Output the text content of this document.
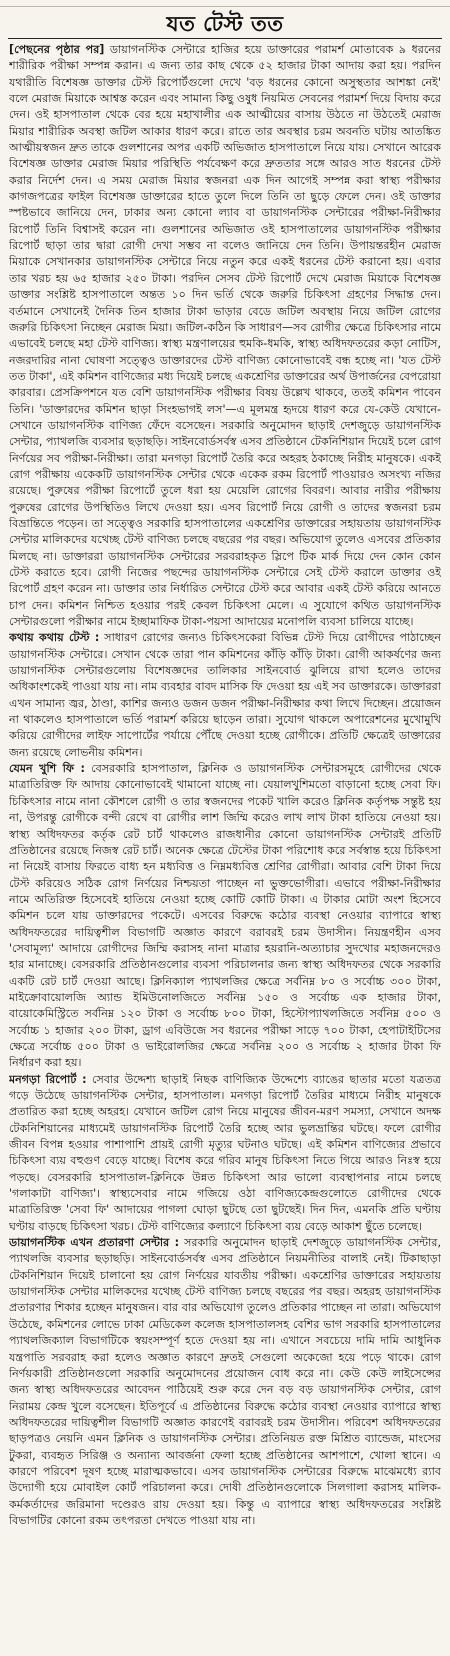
যত টেস্ট তত

[পেছনের পৃষ্ঠার পর] ডায়াগনস্টিক সেন্টারে হাজির হয়ে ডাক্তারের পরামর্শ মোতাবেক ৯ ধরনের শারীরিক পরীক্ষা সম্পন্ন করান। এ জন্য তার কাছ থেকে ৫২ হাজার টাকা আদায় করা হয়। পরদিন যথারীতি বিশেষজ্ঞ ডাক্তার টেস্ট রিপোর্টগুলো দেখে 'বড় ধরনের কোনো অসুস্থতার আশঙ্কা নেই' বলে মেরাজ মিয়াকে আশ্বস্ত করেন এবং সামান্য কিছু ওষুধ নিয়মিত সেবনের পরামর্শ দিয়ে বিদায় করে দেন। ওই হাসপাতাল থেকে বের হয়ে মহাখালীর এক আত্মীয়ের বাসায় উঠতে না উঠতেই মেরাজ মিয়ার শারীরিক অবস্থা জটিল আকার ধারণ করে। রাতে তার অবস্থার চরম অবনতি ঘটায় আতঙ্কিত আত্মীয়স্বজন দ্রুত তাকে গুলশানের অপর একটি অভিজাত হাসপাতালে নিয়ে যায়। সেখানে আরেক বিশেষজ্ঞ ডাক্তার মেরাজ মিয়ার পরিস্থিতি পর্যবেক্ষণ করে দ্রুততার সঙ্গে আরও সাত ধরনের টেস্ট করার নির্দেশ দেন। এ সময় মেরাজ মিয়ার স্বজনরা এক দিন আগেই সম্পন্ন করা স্বাস্থ্য পরীক্ষার কাগজপত্রের ফাইল বিশেষজ্ঞ ডাক্তারের হাতে তুলে দিলে তিনি তা ছুড়ে ফেলে দেন। ওই ডাক্তার স্পষ্টভাবে জানিয়ে দেন, ঢাকার অন্য কোনো ল্যাব বা ডায়াগনস্টিক সেন্টারের পরীক্ষা-নিরীক্ষার রিপোর্ট তিনি বিশ্বাসই করেন না। গুলশানের অভিজাত ওই হাসপাতালের ডায়াগনস্টিক পরীক্ষার রিপোর্ট ছাড়া তার দ্বারা রোগী দেখা সম্ভব না বলেও জানিয়ে দেন তিনি। উপায়ন্তরহীন মেরাজ মিয়াকে সেখানকার ডায়াগনস্টিক সেন্টারে নিয়ে নতুন করে একই ধরনের টেস্ট করানো হয়। এবার তার খরচ হয় ৬৫ হাজার ২৫০ টাকা। পরদিন সেসব টেস্ট রিপোর্ট দেখে মেরাজ মিয়াকে বিশেষজ্ঞ ডাক্তার সংশ্লিষ্ট হাসপাতালে অন্তত ১০ দিন ভর্তি থেকে জরুরি চিকিৎসা গ্রহণের সিদ্ধান্ত দেন। বর্তমানে সেখানেই দৈনিক তিন হাজার টাকা ভাড়ার বেডে জটিল অবস্থায় নিয়ে জটিল রোগের জরুরি চিকিৎসা নিচ্ছেন মেরাজ মিয়া। জটিল-কঠিন কি সাধারণ—সব রোগীর ক্ষেত্রে চিকিৎসার নামে এভাবেই চলছে মহা টেস্ট বাণিজ্য। স্বাস্থ্য মন্ত্রণালয়ের হুমকি-ধমকি, স্বাস্থ্য অধিদফতরের কড়া নোটিস, নজরদারির নানা ঘোষণা সত্ত্বেও ডাক্তারদের টেস্ট বাণিজ্য কোনোভাবেই বন্ধ হচ্ছে না। 'যত টেস্ট তত টাকা', এই কমিশন বাণিজ্যের মধ্য দিয়েই চলছে একশ্রেণির ডাক্তারের অর্থ উপার্জনের বেপরোয়া কারবার। প্রেসক্রিপশনে যত বেশি ডায়াগনস্টিক পরীক্ষার বিষয় উল্লেখ থাকবে, ততই কমিশন পাবেন তিনি। 'ডাক্তারদের কমিশন ছাড়া সিংহভাগই লস'—এ মূলমন্ত্র হৃদয়ে ধারণ করে যে-কেউ যেখানে-সেখানে ডায়াগনস্টিক বাণিজ্য ফেঁদে বসেছেন। সরকারি অনুমোদন ছাড়াই দেশজুড়ে ডায়াগনস্টিক সেন্টার, প্যাথলজি ব্যবসার ছড়াছড়ি। সাইনবোর্ডসর্বস্ব এসব প্রতিষ্ঠানে টেকনিশিয়ান দিয়েই চলে রোগ নির্ণয়ের সব পরীক্ষা-নিরীক্ষা। তারা মনগড়া রিপোর্ট তৈরি করে অহরহ ঠকাচ্ছে নিরীহ মানুষকে। একই রোগ পরীক্ষায় একেকটি ডায়াগনস্টিক সেন্টার থেকে একেক রকম রিপোর্ট পাওয়ারও অসংখ্য নজির রয়েছে। পুরুষের পরীক্ষা রিপোর্টে তুলে ধরা হয় মেয়েলি রোগের বিবরণ। আবার নারীর পরীক্ষায় পুরুষের রোগের উপস্থিতিও লিখে দেওয়া হয়। এসব রিপোর্ট নিয়ে রোগী ও তাদের স্বজনরা চরম বিভ্রান্তিতে পড়েন। তা সত্ত্বেও সরকারি হাসপাতালের একশ্রেণির ডাক্তারের সহায়তায় ডায়াগনস্টিক সেন্টার মালিকদের যথেচ্ছ টেস্ট বাণিজ্য চলছে বছরের পর বছর। অভিযোগ তুলেও এসবের প্রতিকার মিলছে না। ডাক্তাররা ডায়াগনস্টিক সেন্টারের সরবরাহকৃত স্লিপে টিক মার্ক দিয়ে দেন কোন কোন টেস্ট করাতে হবে। রোগী নিজের পছন্দের ডায়াগনস্টিক সেন্টারে সেই টেস্ট করালে ডাক্তার ওই রিপোর্ট গ্রহণ করেন না। ডাক্তার তার নির্ধারিত সেন্টারে টেস্ট করে আবার একই টেস্ট করিয়ে আনতে চাপ দেন। কমিশন নিশ্চিত হওয়ার পরই কেবল চিকিৎসা মেলে। এ সুযোগে কথিত ডায়াগনস্টিক সেন্টারগুলো পরীক্ষার নামে ইচ্ছামাফিক টাকা-পয়সা আদায়ের মনোপলি ব্যবসা চালিয়ে যাচ্ছে।

কথায় কথায় টেস্ট : সাধারণ রোগের জন্যও চিকিৎসকেরা বিভিন্ন টেস্ট দিয়ে রোগীদের পাঠাচ্ছেন ডায়াগনস্টিক সেন্টারে। সেখান থেকে তারা পান কমিশনের কাঁড়ি কাঁড়ি টাকা। রোগী আকর্ষণের জন্য ডায়াগনস্টিক সেন্টারগুলোয় বিশেষজ্ঞদের তালিকার সাইনবোর্ড ঝুলিয়ে রাখা হলেও তাদের অধিকাংশকেই পাওয়া যায় না। নাম ব্যবহার বাবদ মাসিক ফি দেওয়া হয় এই সব ডাক্তারকে। ডাক্তাররা এখন সামান্য জ্বর, ঠাণ্ডা, কাশির জন্যও ডজন ডজন পরীক্ষা-নিরীক্ষার কথা লিখে দিচ্ছেন। প্রয়োজন না থাকলেও হাসপাতালে ভর্তি পরামর্শ করিয়ে ছাড়েন তারা। সুযোগ থাকলে অপারেশনের মুখোমুখি করিয়ে রোগীদের লাইফ সাপোর্টের পর্যায়ে পৌঁছে দেওয়া হচ্ছে রোগীকে। প্রতিটি ক্ষেত্রেই ডাক্তারের জন্য রয়েছে লোভনীয় কমিশন।

যেমন খুশি ফি : বেসরকারি হাসপাতাল, ক্লিনিক ও ডায়াগনস্টিক সেন্টারসমূহে রোগীদের থেকে মাত্রাতিরিক্ত ফি আদায় কোনোভাবেই থামানো যাচ্ছে না। যেয়ালখুশিমতো বাড়ানো হচ্ছে সেবা ফি। চিকিৎসার নামে নানা কৌশলে রোগী ও তার স্বজনদের পকেট খালি করেও ক্লিনিক কর্তৃপক্ষ সন্তুষ্ট হয় না, উপরন্তু রোগীকে বন্দী রেখে বা রোগীর লাশ জিম্মি করেও লাখ লাখ টাকা হাতিয়ে নেওয়া হয়। স্বাস্থ্য অধিদফতর কর্তৃক রেট চার্ট থাকলেও রাজধানীর কোনো ডায়াগনস্টিক সেন্টারই প্রতিটি প্রতিষ্ঠানের রয়েছে নিজস্ব রেট চার্ট। অনেক ক্ষেত্রে টেস্টের টাকা পরিশোধ করে সর্বস্বান্ত হয়ে চিকিৎসা না নিয়েই বাসায় ফিরতে বাধ্য হন মধ্যবিত্ত ও নিম্নমধ্যবিত্ত শ্রেণির রোগীরা। আবার বেশি টাকা দিয়ে টেস্ট করিয়েও সঠিক রোগ নির্ণয়ের নিশ্চয়তা পাচ্ছেন না ভুক্তভোগীরা। এভাবে পরীক্ষা-নিরীক্ষার নামে অতিরিক্ত হিসেবেই হাতিয়ে নেওয়া হচ্ছে কোটি কোটি টাকা। এ টাকার মোটা অংশ হিসেবে কমিশন চলে যায় ডাক্তারদের পকেটে। এসবের বিরুদ্ধে কঠোর ব্যবস্থা নেওয়ার ব্যাপারে স্বাস্থ্য অধিদফতরের দায়িত্বশীল বিভাগটি অজ্ঞাত কারণে বরাবরই চরম উদাসীন। নিয়ন্ত্রণহীন এসব 'সেবামূল্য' আদায়ে রোগীদের জিম্মি করাসহ নানা মাত্রার হয়রানি-অত্যাচার সুদখোর মহাজনদেরও হার মানাচ্ছে। বেসরকারি প্রতিষ্ঠানগুলোর ব্যবসা পরিচালনার জন্য স্বাস্থ্য অধিদফতর থেকে সরকারি একটি রেট চার্ট দেওয়া আছে। ক্লিনিক্যাল প্যাথলজির ক্ষেত্রে সর্বনিম্ন ৮০ ও সর্বোচ্চ ৩০০ টাকা, মাইক্রোবায়োলজি অ্যান্ড ইমিউনোলজিতে সর্বনিম্ন ১৫০ ও সর্বোচ্চ এক হাজার টাকা, বায়োকেমিস্ট্রিতে সর্বনিম্ন ১২০ টাকা ও সর্বোচ্চ ৮০০ টাকা, হিস্টোপ্যাথলজিতে সর্বনিম্ন ৫০০ ও সর্বোচ্চ ১ হাজার ২০০ টাকা, ড্রাগ এবিউজে সব ধরনের পরীক্ষা সাড়ে ৭০০ টাকা, হেপাটাইটিসের ক্ষেত্রে সর্বোচ্চ ৫০০ টাকা ও ভাইরোলজির ক্ষেত্রে সর্বনিম্ন ২০০ ও সর্বোচ্চ ২ হাজার টাকা ফি নির্ধারণ করা হয়।

মনগড়া রিপোর্ট : সেবার উদ্দেশ্য ছাড়াই নিছক বাণিজ্যিক উদ্দেশ্যে ব্যাঙের ছাতার মতো যত্রতত্র গড়ে উঠেছে ডায়াগনস্টিক সেন্টার, হাসপাতাল। মনগড়া রিপোর্ট তৈরির মাধ্যমে নিরীহ মানুষকে প্রতারিত করা হচ্ছে অহরহ। যেখানে জটিল রোগ নিয়ে মানুষের জীবন-মরণ সমস্যা, সেখানে অদক্ষ টেকনিশিয়ানের মাধ্যমেই ডায়াগনস্টিক রিপোর্ট তৈরি হচ্ছে আর ভুলভ্রান্তির ঘটছে। ফলে রোগীর জীবন বিপন্ন হওয়ার পাশাপাশি প্রায়ই রোগী মৃত্যুর ঘটনাও ঘটছে। এই কমিশন বাণিজ্যের প্রভাবে চিকিৎসা ব্যয় বহুগুণ বেড়ে যাচ্ছে। বিশেষ করে গরিব মানুষ চিকিৎসা নিতে গিয়ে আরও নিঃস্ব হয়ে পড়ছে। বেসরকারি হাসপাতাল-ক্লিনিকে উন্নত চিকিৎসা আর ভালো ব্যবস্থাপনার নামে চলছে 'গলাকাটা বাণিজ্য'। স্বাস্থ্যসেবার নামে গজিয়ে ওঠা বাণিজ্যকেন্দ্রগুলোতে রোগীদের থেকে মাত্রাতিরিক্ত 'সেবা ফি' আদায়ের পাগলা ঘোড়া ছুটছে তো ছুটছেই। দিন দিন, এমনকি প্রতি ঘণ্টায় ঘণ্টায় বাড়ছে চিকিৎসা খরচ। টেস্ট বাণিজ্যের কল্যাণে চিকিৎসা ব্যয় বেড়ে আকাশ ছুঁতে চলেছে।

ডায়াগনস্টিক এখন প্রতারণা সেন্টার : সরকারি অনুমোদন ছাড়াই দেশজুড়ে ডায়াগনস্টিক সেন্টার, প্যাথলজি ব্যবসার ছড়াছড়ি। সাইনবোর্ডসর্বস্ব এসব প্রতিষ্ঠানে নিয়মনীতির বালাই নেই। টিকাছাড়া টেকনিশিয়ান দিয়েই চালানো হয় রোগ নির্ণয়ের যাবতীয় পরীক্ষা। একশ্রেণির ডাক্তারের সহায়তায় ডায়াগনস্টিক সেন্টার মালিকদের যথেচ্ছ টেস্ট বাণিজ্য চলছে বছরের পর বছর। অহরহ ডায়াগনস্টিক প্রতারণার শিকার হচ্ছেন মানুষজন। বার বার অভিযোগ তুলেও প্রতিকার পাচ্ছেন না তারা। অভিযোগ উঠেছে, কমিশনের লোভে ঢাকা মেডিকেল কলেজ হাসপাতালসহ বেশির ভাগ সরকারি হাসপাতালের প্যাথলজিক্যাল বিভাগটিকে স্বয়ংসম্পূর্ণ হতে দেওয়া হয় না। এখানে সবচেয়ে দামি দামি আধুনিক যন্ত্রপাতি সরবরাহ করা হলেও অজ্ঞাত কারণে দ্রুতই সেগুলো অকেজো হয়ে পড়ে থাকে। রোগ নির্ণয়কারী প্রতিষ্ঠানগুলো সরকারি অনুমোদনের প্রয়োজন বোধ করে না। কেউ কেউ লাইসেন্সের জন্য স্বাস্থ্য অধিদফতরের আবেদন পাঠিয়েই শুরু করে দেন বড় বড় ডায়াগনস্টিক সেন্টার, রোগ নিরাময় কেন্দ্র খুলে বসেছেন। ইতিপূর্বে এ প্রতিষ্ঠানের বিরুদ্ধে কঠোর ব্যবস্থা নেওয়ার ব্যাপারে স্বাস্থ্য অধিদফতরের দায়িত্বশীল বিভাগটি অজ্ঞাত কারণেই বরাবরই চরম উদাসীন। পরিবেশ অধিদফতরের ছাড়পত্রও নেয়নি এমন ক্লিনিক ও ডায়াগনস্টিক সেন্টার। প্রতিনিয়ত রক্ত মিশ্রিত ব্যান্ডেজ, মাংসের টুকরা, ব্যবহৃত সিরিঞ্জ ও অন্যান্য আবর্জনা ফেলা হচ্ছে প্রতিষ্ঠানের আশপাশে, খোলা স্থানে। এ কারণে পরিবেশ দূষণ হচ্ছে মারাত্মকভাবে। এসব ডায়াগনস্টিক সেন্টারের বিরুদ্ধে মাঝেমধ্যে র‌্যাব উদ্যোগী হয়ে মোবাইল কোর্ট পরিচালনা করে। দোষী প্রতিষ্ঠানগুলোকে সিলগালা করাসহ মালিক-কর্মকর্তাদের জরিমানা দণ্ডেরও রায় দেওয়া হয়। কিন্তু এ ব্যাপারে স্বাস্থ্য অধিদফতরের সংশ্লিষ্ট বিভাগটির কোনো রকম তৎপরতা দেখতে পাওয়া যায় না।
